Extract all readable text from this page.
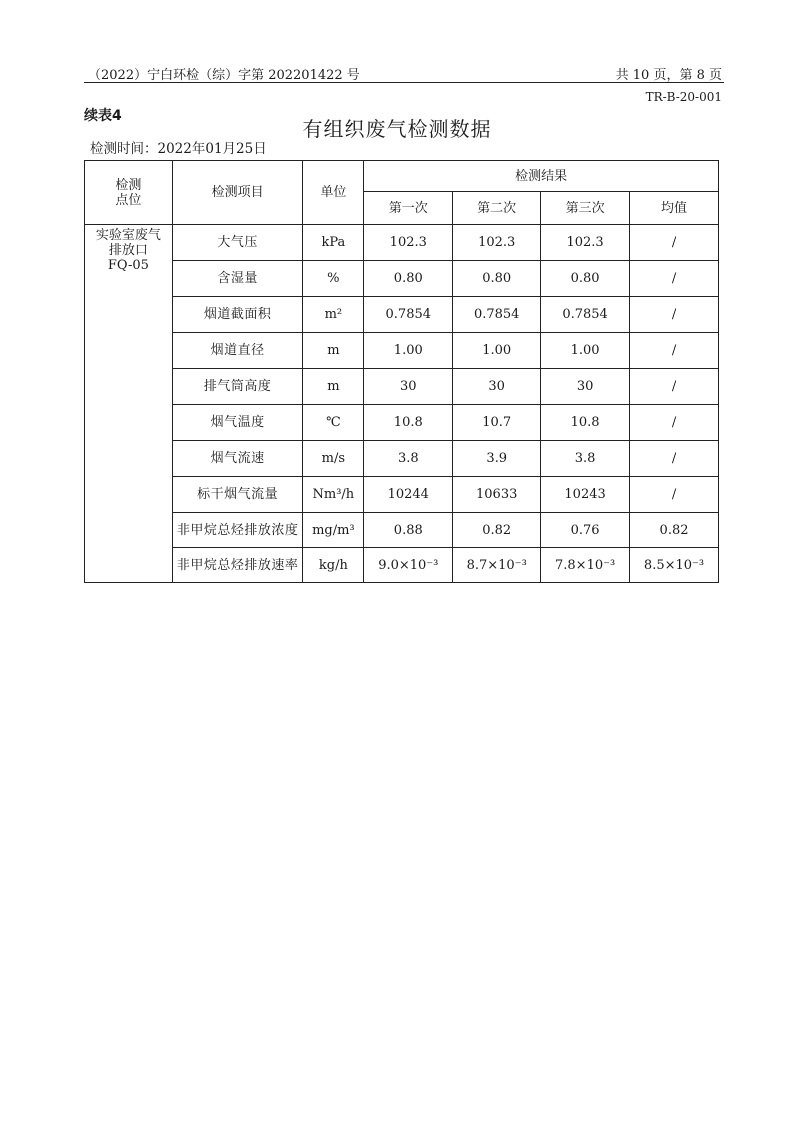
（2022）宁白环检（综）字第 202201422 号	共 10 页，第 8 页
TR-B-20-001
续表4
有组织废气检测数据
检测时间：2022年01月25日
检测
点位	检测项目	单位	检测结果			
			第一次	第二次	第三次	均值
实验室废气
排放口
FQ-05	大气压	kPa	102.3	102.3	102.3	/
	含湿量	%	0.80	0.80	0.80	/
	烟道截面积	m²	0.7854	0.7854	0.7854	/
	烟道直径	m	1.00	1.00	1.00	/
	排气筒高度	m	30	30	30	/
	烟气温度	℃	10.8	10.7	10.8	/
	烟气流速	m/s	3.8	3.9	3.8	/
	标干烟气流量	Nm³/h	10244	10633	10243	/
	非甲烷总烃排放浓度	mg/m³	0.88	0.82	0.76	0.82
	非甲烷总烃排放速率	kg/h	9.0×10⁻³	8.7×10⁻³	7.8×10⁻³	8.5×10⁻³
